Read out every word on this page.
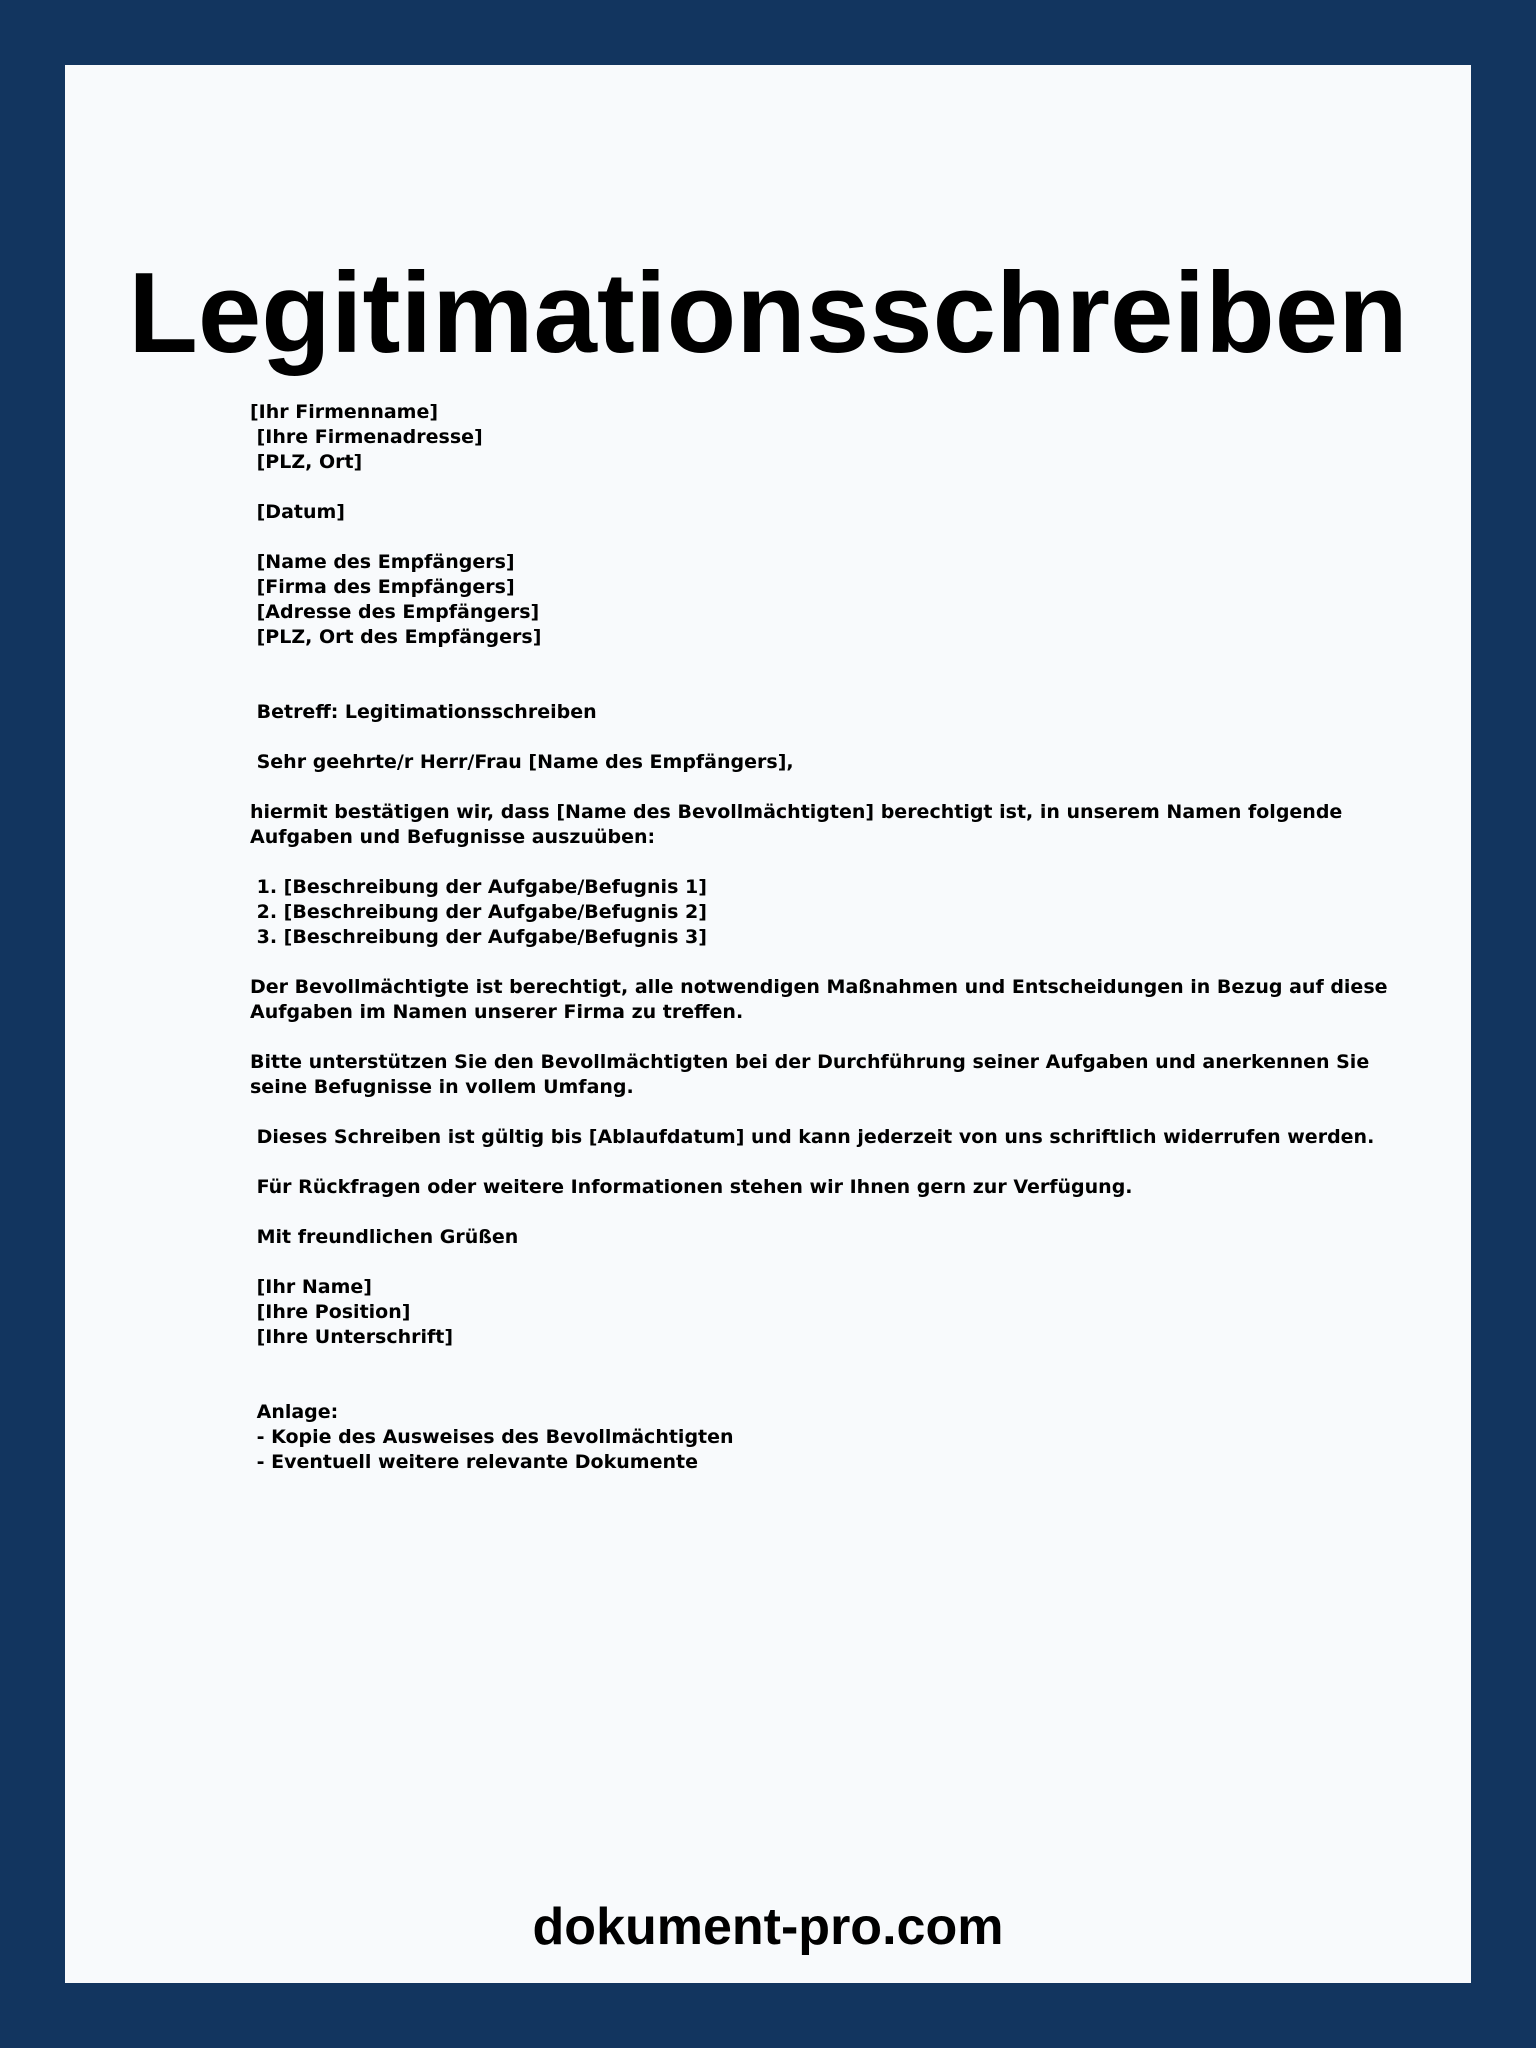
Legitimationsschreiben
[Ihr Firmenname]
[Ihre Firmenadresse]
[PLZ, Ort]
[Datum]
[Name des Empfängers]
[Firma des Empfängers]
[Adresse des Empfängers]
[PLZ, Ort des Empfängers]
Betreff: Legitimationsschreiben
Sehr geehrte/r Herr/Frau [Name des Empfängers],
hiermit bestätigen wir, dass [Name des Bevollmächtigten] berechtigt ist, in unserem Namen folgende
Aufgaben und Befugnisse auszuüben:
1. [Beschreibung der Aufgabe/Befugnis 1]
2. [Beschreibung der Aufgabe/Befugnis 2]
3. [Beschreibung der Aufgabe/Befugnis 3]
Der Bevollmächtigte ist berechtigt, alle notwendigen Maßnahmen und Entscheidungen in Bezug auf diese
Aufgaben im Namen unserer Firma zu treffen.
Bitte unterstützen Sie den Bevollmächtigten bei der Durchführung seiner Aufgaben und anerkennen Sie
seine Befugnisse in vollem Umfang.
Dieses Schreiben ist gültig bis [Ablaufdatum] und kann jederzeit von uns schriftlich widerrufen werden.
Für Rückfragen oder weitere Informationen stehen wir Ihnen gern zur Verfügung.
Mit freundlichen Grüßen
[Ihr Name]
[Ihre Position]
[Ihre Unterschrift]
Anlage:
- Kopie des Ausweises des Bevollmächtigten
- Eventuell weitere relevante Dokumente
dokument-pro.com
